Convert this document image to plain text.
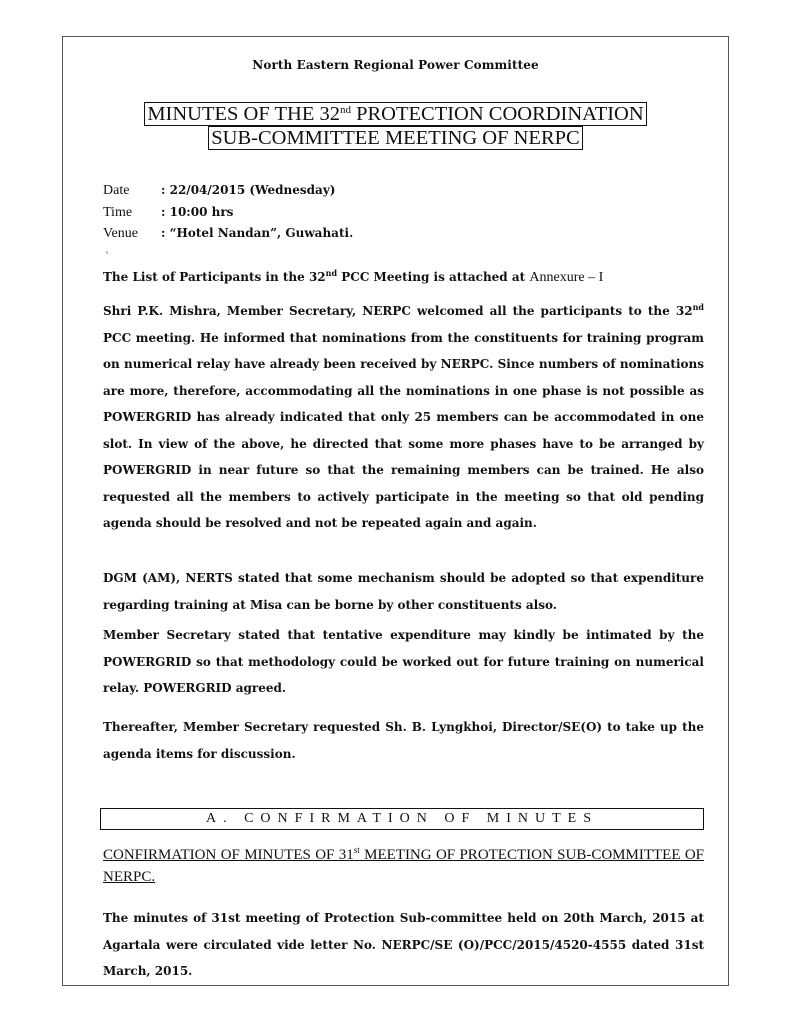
North Eastern Regional Power Committee
MINUTES OF THE 32nd PROTECTION COORDINATION
SUB-COMMITTEE MEETING OF NERPC
Date	: 22/04/2015 (Wednesday)
Time : 10:00 hrs
Venue : “Hotel Nandan”, Guwahati.
`

The List of Participants in the 32nd PCC Meeting is attached at Annexure – I

Shri P.K. Mishra, Member Secretary, NERPC welcomed all the participants to the 32nd PCC meeting. He informed that nominations from the constituents for training program on numerical relay have already been received by NERPC. Since numbers of nominations are more, therefore, accommodating all the nominations in one phase is not possible as POWERGRID has already indicated that only 25 members can be accommodated in one slot. In view of the above, he directed that some more phases have to be arranged by POWERGRID in near future so that the remaining members can be trained. He also requested all the members to actively participate in the meeting so that old pending agenda should be resolved and not be repeated again and again.

DGM (AM), NERTS stated that some mechanism should be adopted so that expenditure regarding training at Misa can be borne by other constituents also.

Member Secretary stated that tentative expenditure may kindly be intimated by the POWERGRID so that methodology could be worked out for future training on numerical relay. POWERGRID agreed.

Thereafter, Member Secretary requested Sh. B. Lyngkhoi, Director/SE(O) to take up the agenda items for discussion.

A. CONFIRMATION OF MINUTES

CONFIRMATION OF MINUTES OF 31st MEETING OF PROTECTION SUB-COMMITTEE OF NERPC.

The minutes of 31st meeting of Protection Sub-committee held on 20th March, 2015 at Agartala were circulated vide letter No. NERPC/SE (O)/PCC/2015/4520-4555 dated 31st March, 2015.
